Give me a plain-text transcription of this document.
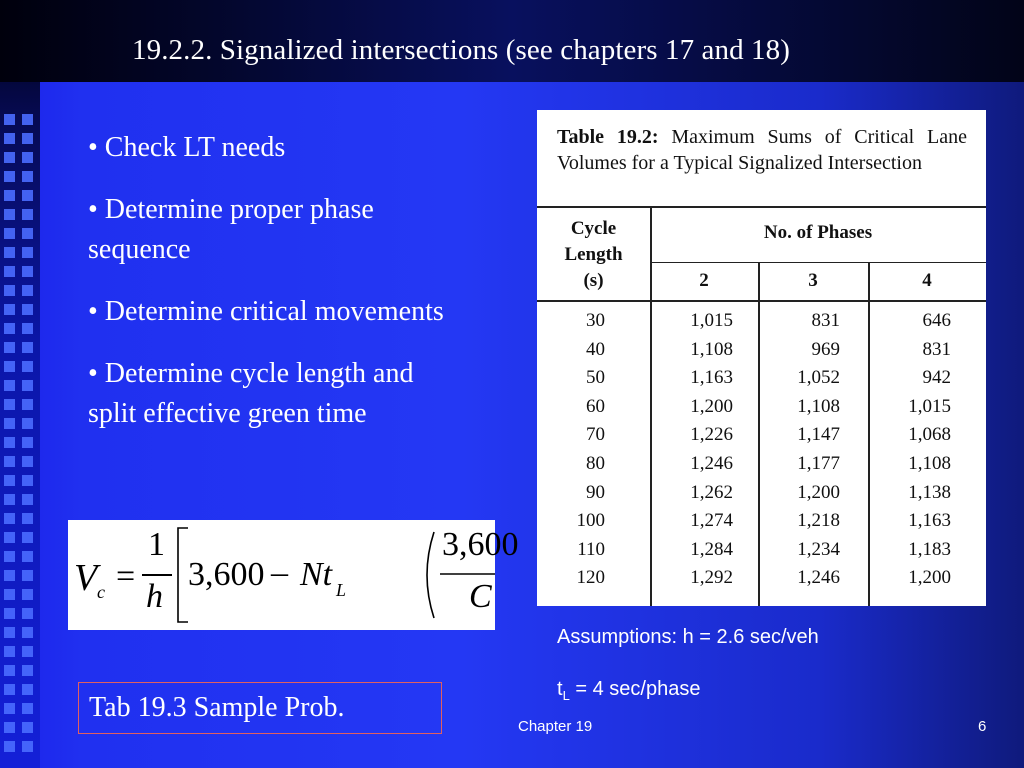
19.2.2. Signalized intersections (see chapters 17 and 18)
• Check LT needs
• Determine proper phase sequence
• Determine critical movements
• Determine cycle length and split effective green time
V c =
1
h
3,600 – Nt L
3,600
C
Table 19.2: Maximum Sums of Critical Lane Volumes for a Typical Signalized Intersection
Cycle
Length
(s)
No. of Phases
2	3	4
30	1,015	831	646
40	1,108	969	831
50	1,163	1,052	942
60	1,200	1,108	1,015
70	1,226	1,147	1,068
80	1,246	1,177	1,108
90	1,262	1,200	1,138
100	1,274	1,218	1,163
110	1,284	1,234	1,183
120	1,292	1,246	1,200
Assumptions: h = 2.6 sec/veh
$t_L = 4$ sec/phase
Tab 19.3 Sample Prob.
Chapter 19	6
